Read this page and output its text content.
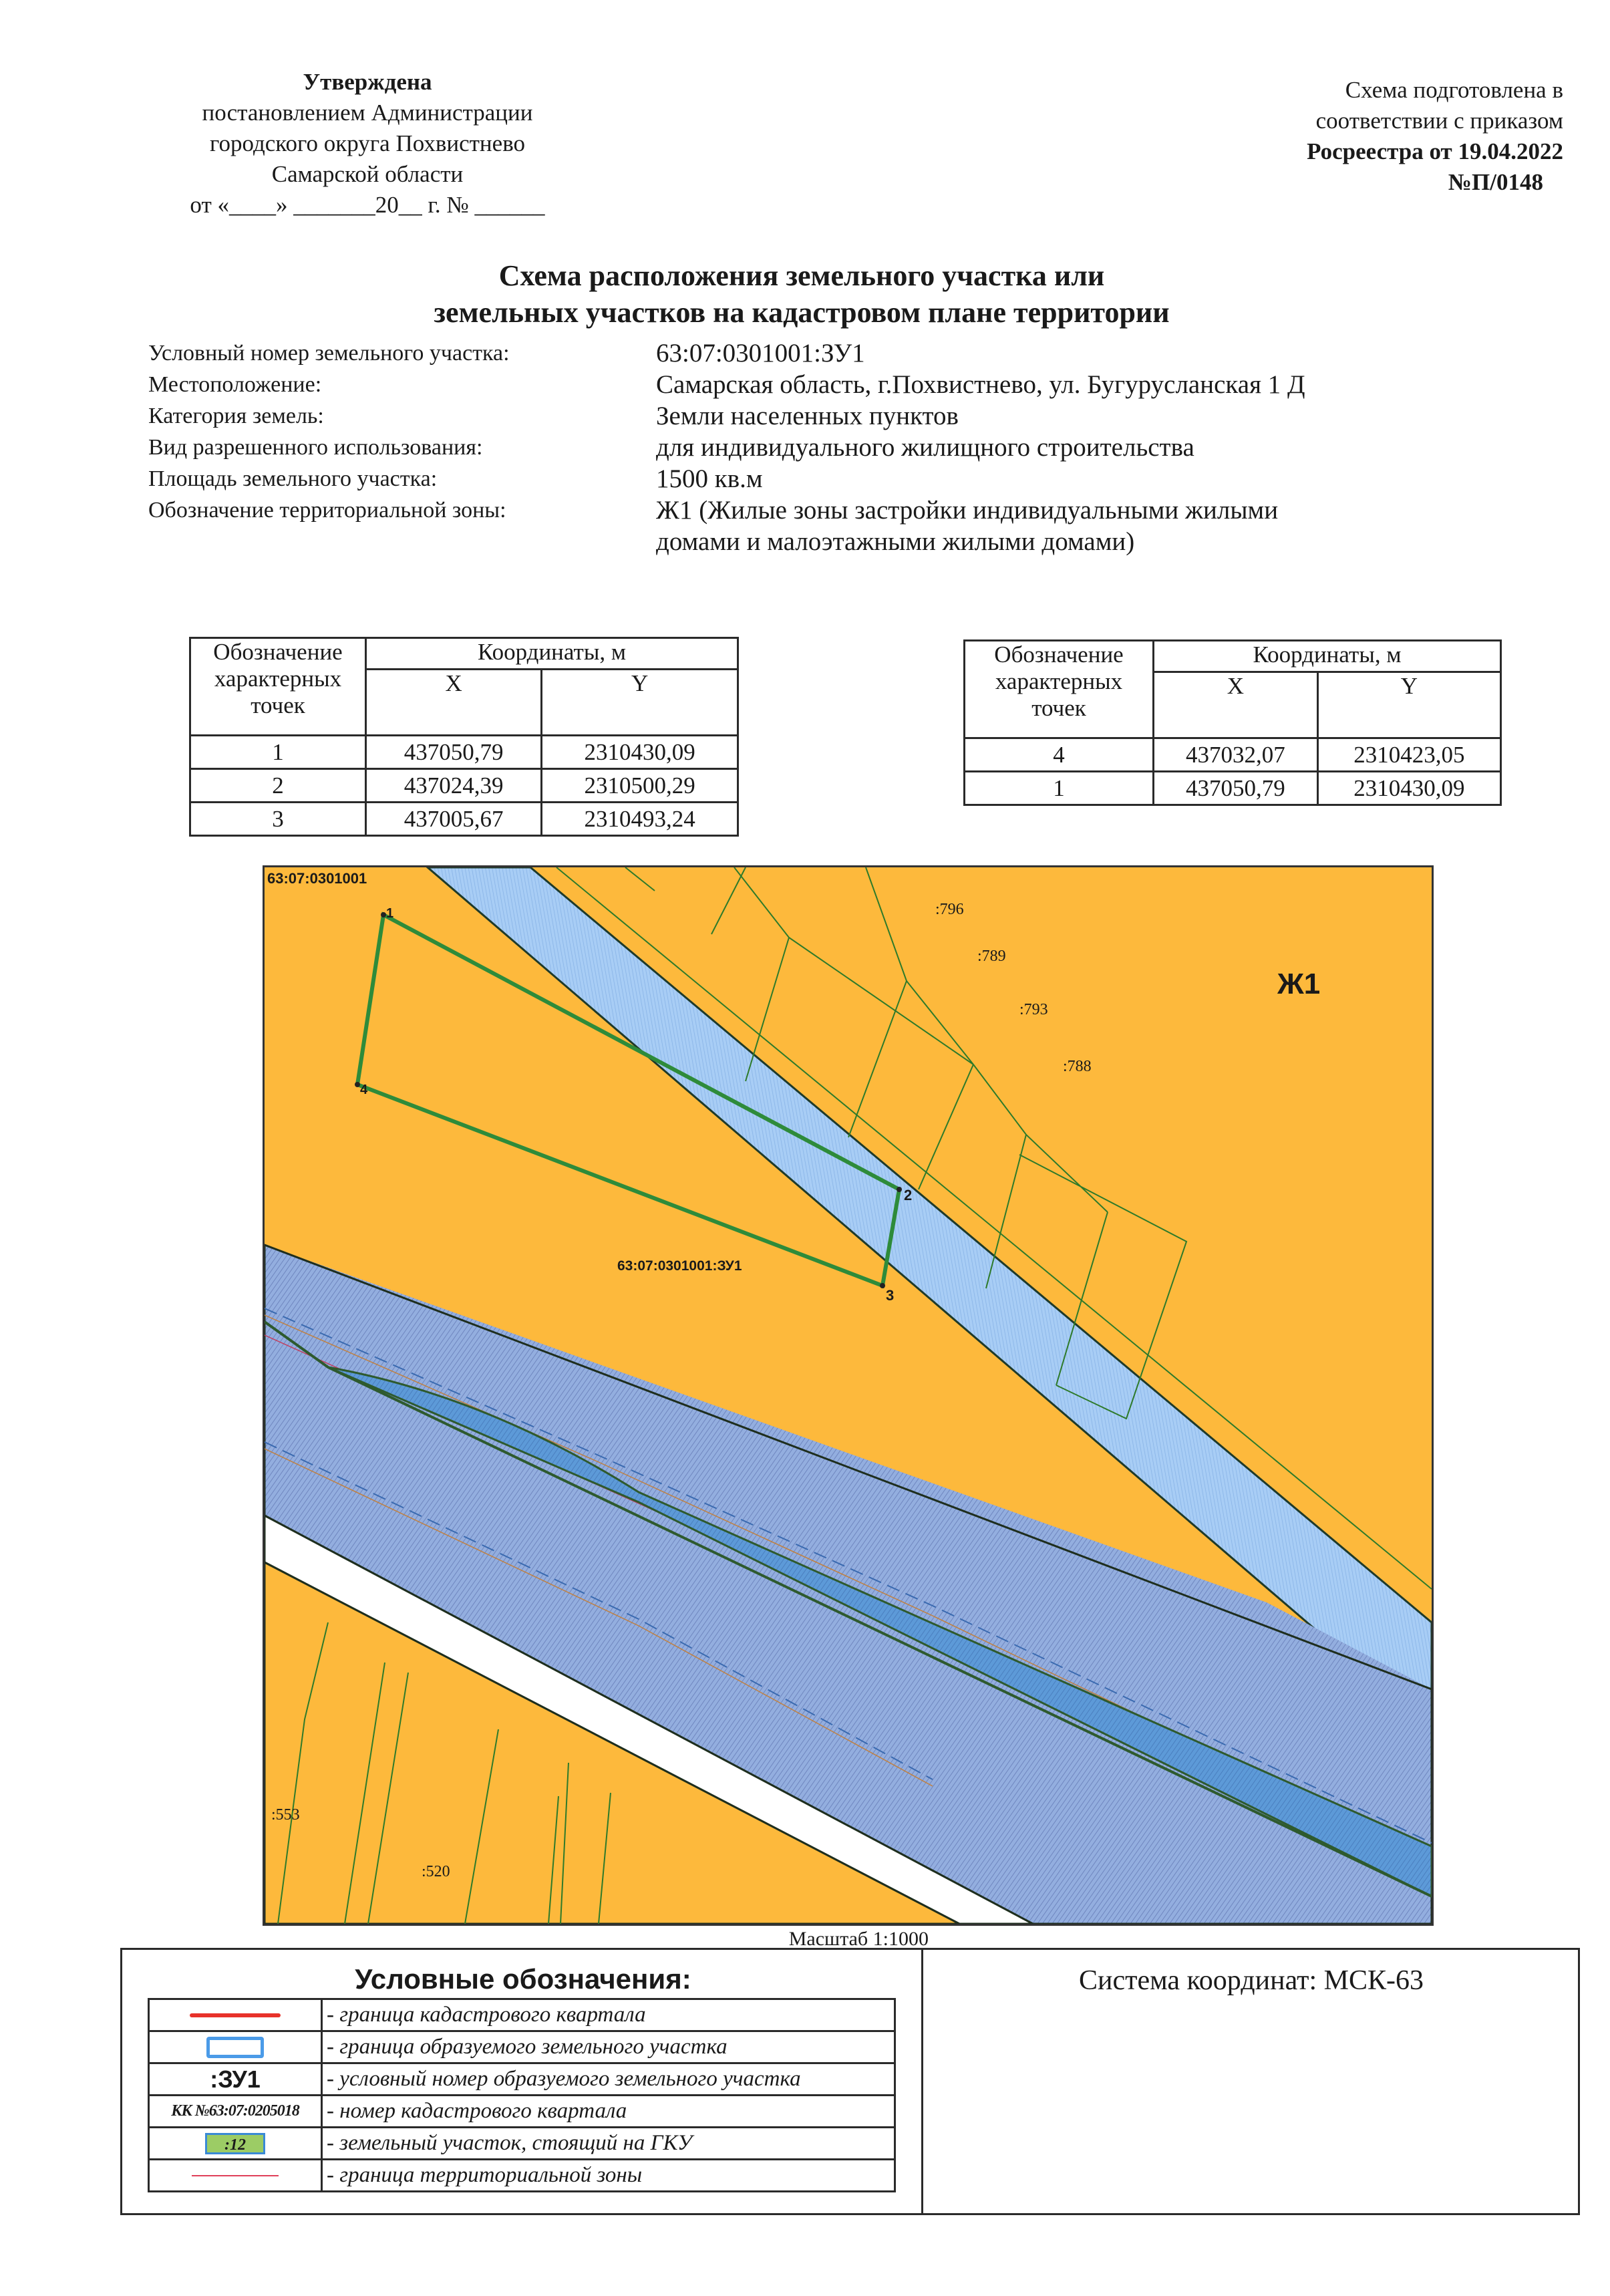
Утверждена
постановлением Администрации
городского округа Похвистнево
Самарской области
от «____» _______20__ г. № ______
Схема подготовлена в
соответствии с приказом
Росреестра от 19.04.2022
№П/0148
Схема расположения земельного участка или
земельных участков на кадастровом плане территории
Условный номер земельного участка:	63:07:0301001:ЗУ1
Местоположение:	Самарская область, г.Похвистнево, ул. Бугурусланская 1 Д
Категория земель:	Земли населенных пунктов
Вид разрешенного использования:	для индивидуального жилищного строительства
Площадь земельного участка:	1500 кв.м
Обозначение территориальной зоны:	Ж1 (Жилые зоны застройки индивидуальными жилыми
домами и малоэтажными жилыми домами)
Обозначение характерных точек	Координаты, м	
	X	Y
1	437050,79	2310430,09
2	437024,39	2310500,29
3	437005,67	2310493,24
Обозначение характерных точек	Координаты, м	
	X	Y
4	437032,07	2310423,05
1	437050,79	2310430,09
63:07:0301001
63:07:0301001:ЗУ1
Ж1
1
2
3
4
:796
:789
:793
:788
:553
:520
Масштаб 1:1000
Условные обозначения:
	- граница кадастрового квартала
	- граница образуемого земельного участка
:ЗУ1	- условный номер образуемого земельного участка
КК №63:07:0205018	- номер кадастрового квартала
:12	- земельный участок, стоящий на ГКУ
	- граница территориальной зоны
Система координат: МСК-63
